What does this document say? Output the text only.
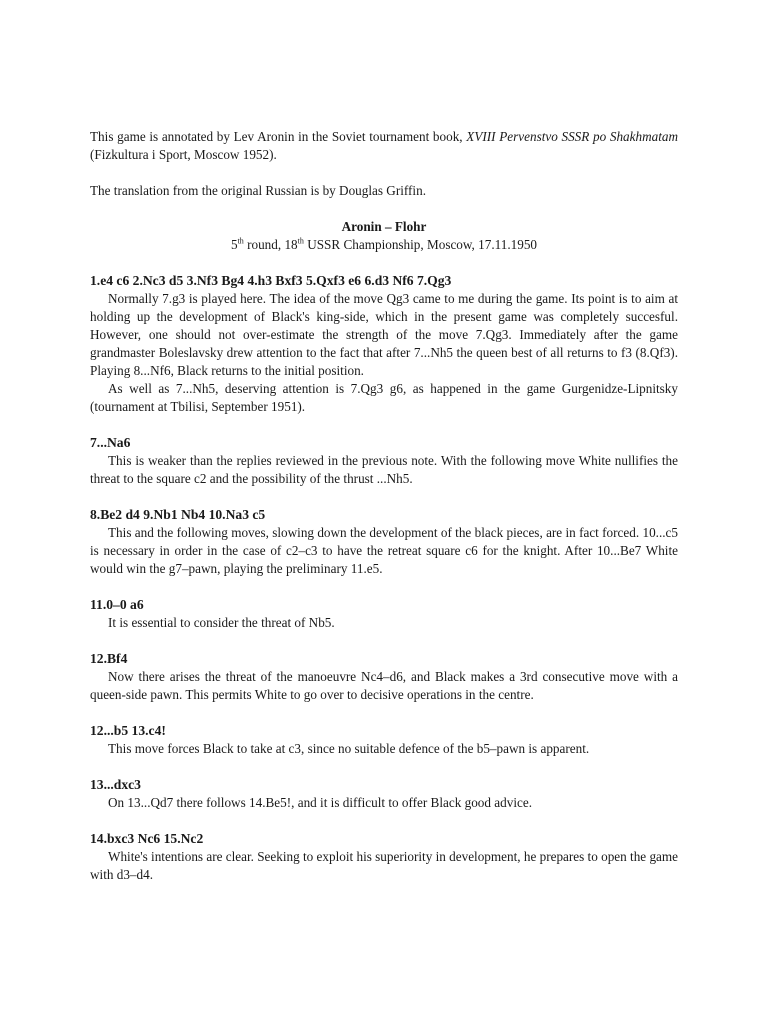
This game is annotated by Lev Aronin in the Soviet tournament book, XVIII Pervenstvo SSSR po Shakhmatam (Fizkultura i Sport, Moscow 1952).

The translation from the original Russian is by Douglas Griffin.

Aronin – Flohr

5th round, 18th USSR Championship, Moscow, 17.11.1950

1.e4 c6 2.Nc3 d5 3.Nf3 Bg4 4.h3 Bxf3 5.Qxf3 e6 6.d3 Nf6 7.Qg3

Normally 7.g3 is played here. The idea of the move Qg3 came to me during the game. Its point is to aim at holding up the development of Black's king-side, which in the present game was completely succesful. However, one should not over-estimate the strength of the move 7.Qg3. Immediately after the game grandmaster Boleslavsky drew attention to the fact that after 7...Nh5 the queen best of all returns to f3 (8.Qf3). Playing 8...Nf6, Black returns to the initial position.

As well as 7...Nh5, deserving attention is 7.Qg3 g6, as happened in the game Gurgenidze-Lipnitsky (tournament at Tbilisi, September 1951).

7...Na6

This is weaker than the replies reviewed in the previous note. With the following move White nullifies the threat to the square c2 and the possibility of the thrust ...Nh5.

8.Be2 d4 9.Nb1 Nb4 10.Na3 c5

This and the following moves, slowing down the development of the black pieces, are in fact forced. 10...c5 is necessary in order in the case of c2–c3 to have the retreat square c6 for the knight. After 10...Be7 White would win the g7–pawn, playing the preliminary 11.e5.

11.0–0 a6

It is essential to consider the threat of Nb5.

12.Bf4

Now there arises the threat of the manoeuvre Nc4–d6, and Black makes a 3rd consecutive move with a queen-side pawn. This permits White to go over to decisive operations in the centre.

12...b5 13.c4!

This move forces Black to take at c3, since no suitable defence of the b5–pawn is apparent.

13...dxc3

On 13...Qd7 there follows 14.Be5!, and it is difficult to offer Black good advice.

14.bxc3 Nc6 15.Nc2

White's intentions are clear. Seeking to exploit his superiority in development, he prepares to open the game with d3–d4.
